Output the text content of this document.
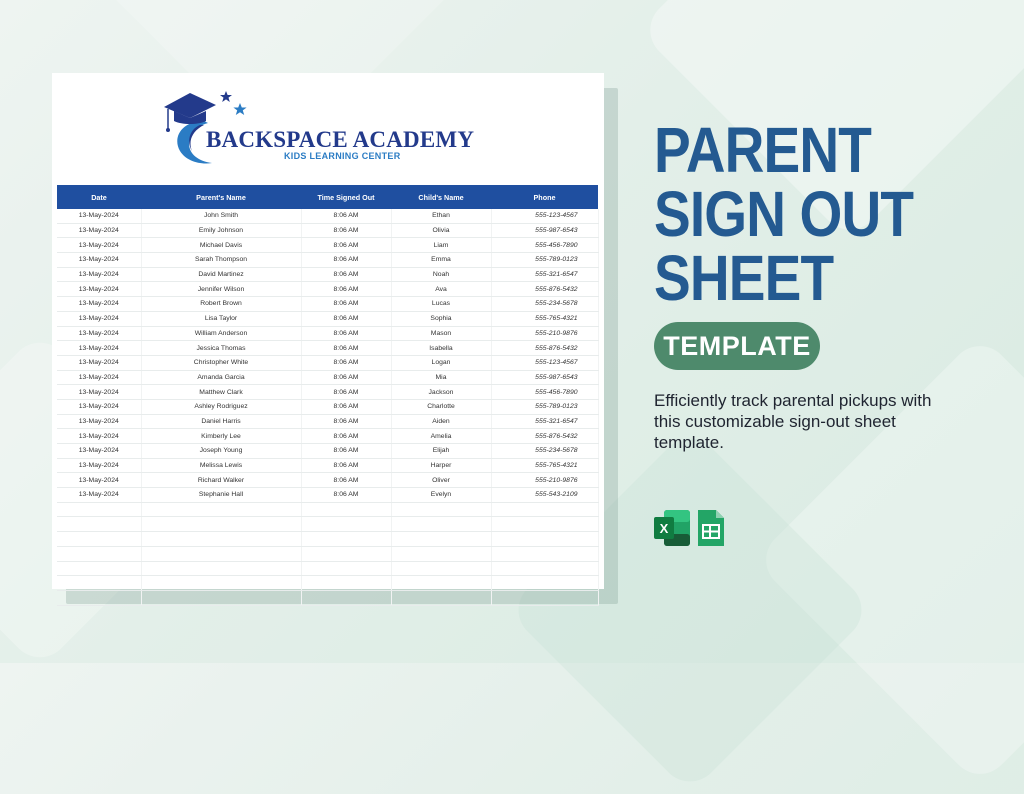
BACKSPACE ACADEMY
KIDS LEARNING CENTER
Date	Parent's Name	Time Signed Out	Child's Name	Phone
13-May-2024	John Smith	8:06 AM	Ethan	555-123-4567
13-May-2024	Emily Johnson	8:06 AM	Olivia	555-987-6543
13-May-2024	Michael Davis	8:06 AM	Liam	555-456-7890
13-May-2024	Sarah Thompson	8:06 AM	Emma	555-789-0123
13-May-2024	David Martinez	8:06 AM	Noah	555-321-6547
13-May-2024	Jennifer Wilson	8:06 AM	Ava	555-876-5432
13-May-2024	Robert Brown	8:06 AM	Lucas	555-234-5678
13-May-2024	Lisa Taylor	8:06 AM	Sophia	555-765-4321
13-May-2024	William Anderson	8:06 AM	Mason	555-210-9876
13-May-2024	Jessica Thomas	8:06 AM	Isabella	555-876-5432
13-May-2024	Christopher White	8:06 AM	Logan	555-123-4567
13-May-2024	Amanda Garcia	8:06 AM	Mia	555-987-6543
13-May-2024	Matthew Clark	8:06 AM	Jackson	555-456-7890
13-May-2024	Ashley Rodriguez	8:06 AM	Charlotte	555-789-0123
13-May-2024	Daniel Harris	8:06 AM	Aiden	555-321-6547
13-May-2024	Kimberly Lee	8:06 AM	Amelia	555-876-5432
13-May-2024	Joseph Young	8:06 AM	Elijah	555-234-5678
13-May-2024	Melissa Lewis	8:06 AM	Harper	555-765-4321
13-May-2024	Richard Walker	8:06 AM	Oliver	555-210-9876
13-May-2024	Stephanie Hall	8:06 AM	Evelyn	555-543-2109

PARENT
SIGN OUT
SHEET
TEMPLATE
Efficiently track parental pickups with this customizable sign-out sheet template.
X
